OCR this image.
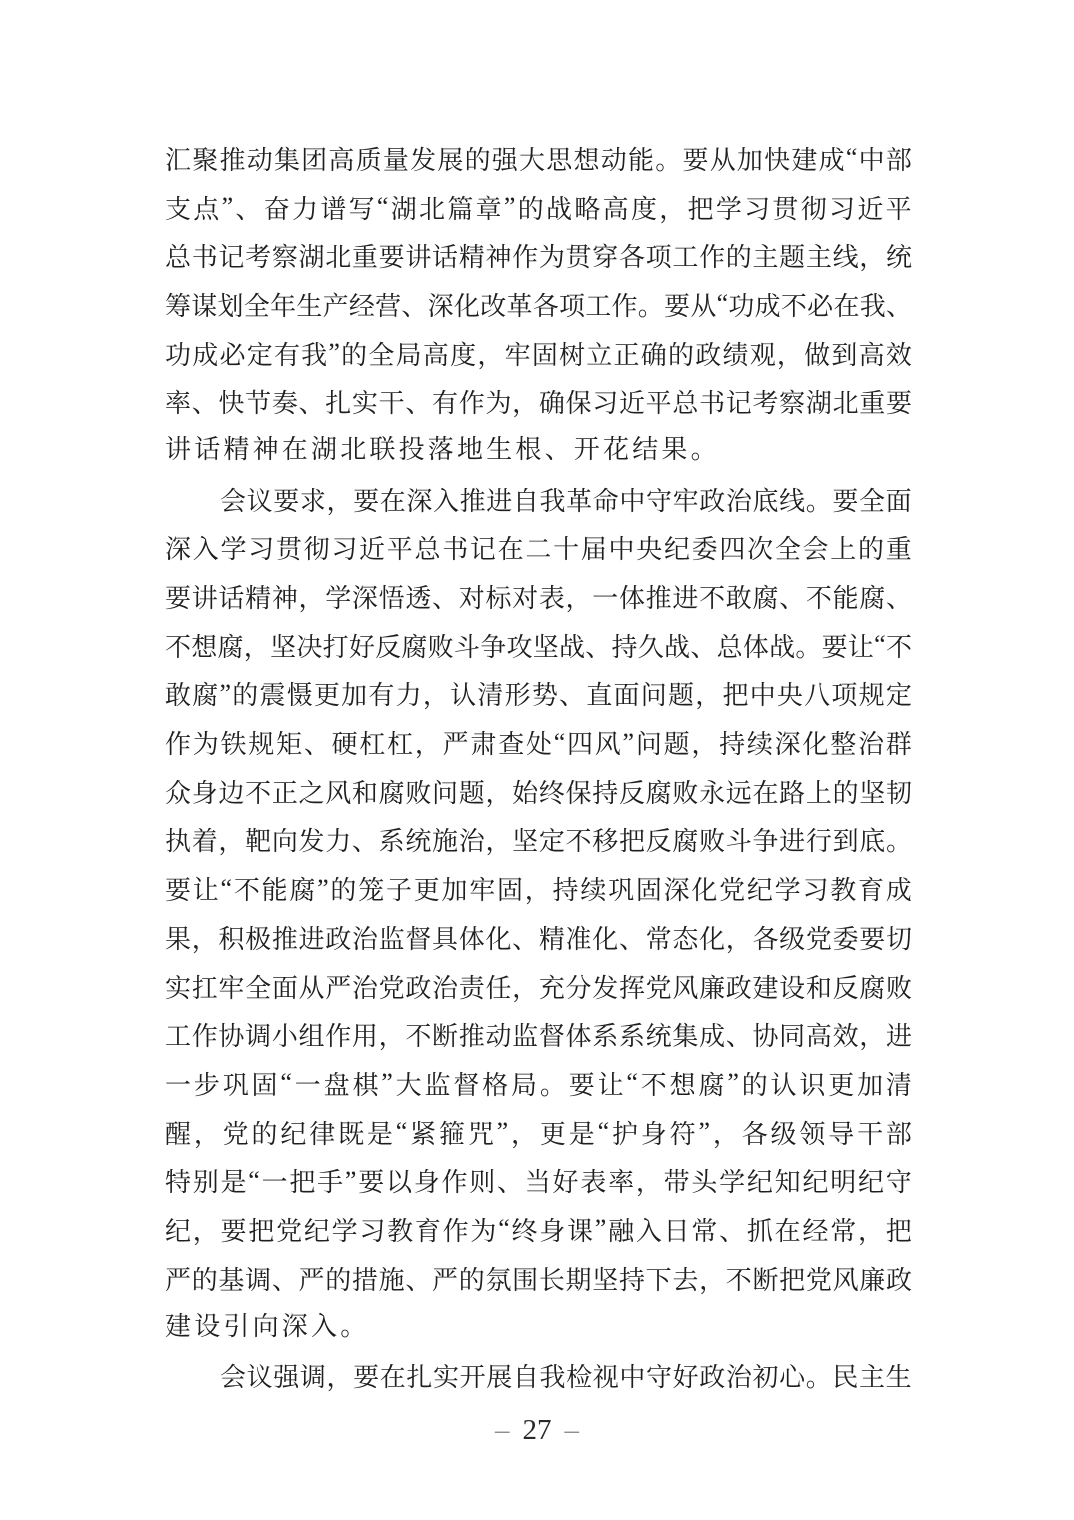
汇 聚 推 动 集 团 高 质 量 发 展 的 强 大 思 想 动 能 。 要 从 加 快 建 成 “ 中 部
支 点 ” 、 奋 力 谱 写 “ 湖 北 篇 章 ” 的 战 略 高 度 ， 把 学 习 贯 彻 习 近 平
总 书 记 考 察 湖 北 重 要 讲 话 精 神 作 为 贯 穿 各 项 工 作 的 主 题 主 线 ， 统
筹 谋 划 全 年 生 产 经 营 、 深 化 改 革 各 项 工 作 。 要 从 “ 功 成 不 必 在 我 、
功 成 必 定 有 我 ” 的 全 局 高 度 ， 牢 固 树 立 正 确 的 政 绩 观 ， 做 到 高 效
率 、 快 节 奏 、 扎 实 干 、 有 作 为 ， 确 保 习 近 平 总 书 记 考 察 湖 北 重 要
讲话精神在湖北联投落地生根、开花结果。
会 议 要 求 ， 要 在 深 入 推 进 自 我 革 命 中 守 牢 政 治 底 线 。 要 全 面
深 入 学 习 贯 彻 习 近 平 总 书 记 在 二 十 届 中 央 纪 委 四 次 全 会 上 的 重
要 讲 话 精 神 ， 学 深 悟 透 、 对 标 对 表 ， 一 体 推 进 不 敢 腐 、 不 能 腐 、
不 想 腐 ， 坚 决 打 好 反 腐 败 斗 争 攻 坚 战 、 持 久 战 、 总 体 战 。 要 让 “ 不
敢 腐 ” 的 震 慑 更 加 有 力 ， 认 清 形 势 、 直 面 问 题 ， 把 中 央 八 项 规 定
作 为 铁 规 矩 、 硬 杠 杠 ， 严 肃 查 处 “ 四 风 ” 问 题 ， 持 续 深 化 整 治 群
众 身 边 不 正 之 风 和 腐 败 问 题 ， 始 终 保 持 反 腐 败 永 远 在 路 上 的 坚 韧
执 着 ， 靶 向 发 力 、 系 统 施 治 ， 坚 定 不 移 把 反 腐 败 斗 争 进 行 到 底 。
要 让 “ 不 能 腐 ” 的 笼 子 更 加 牢 固 ， 持 续 巩 固 深 化 党 纪 学 习 教 育 成
果 ， 积 极 推 进 政 治 监 督 具 体 化 、 精 准 化 、 常 态 化 ， 各 级 党 委 要 切
实 扛 牢 全 面 从 严 治 党 政 治 责 任 ， 充 分 发 挥 党 风 廉 政 建 设 和 反 腐 败
工 作 协 调 小 组 作 用 ， 不 断 推 动 监 督 体 系 系 统 集 成 、 协 同 高 效 ， 进
一 步 巩 固 “ 一 盘 棋 ” 大 监 督 格 局 。 要 让 “ 不 想 腐 ” 的 认 识 更 加 清
醒 ， 党 的 纪 律 既 是 “ 紧 箍 咒 ” ， 更 是 “ 护 身 符 ” ， 各 级 领 导 干 部
特 别 是 “ 一 把 手 ” 要 以 身 作 则 、 当 好 表 率 ， 带 头 学 纪 知 纪 明 纪 守
纪 ， 要 把 党 纪 学 习 教 育 作 为 “ 终 身 课 ” 融 入 日 常 、 抓 在 经 常 ， 把
严 的 基 调 、 严 的 措 施 、 严 的 氛 围 长 期 坚 持 下 去 ， 不 断 把 党 风 廉 政
建设引向深入。
会 议 强 调 ， 要 在 扎 实 开 展 自 我 检 视 中 守 好 政 治 初 心 。 民 主 生
– 27 –
